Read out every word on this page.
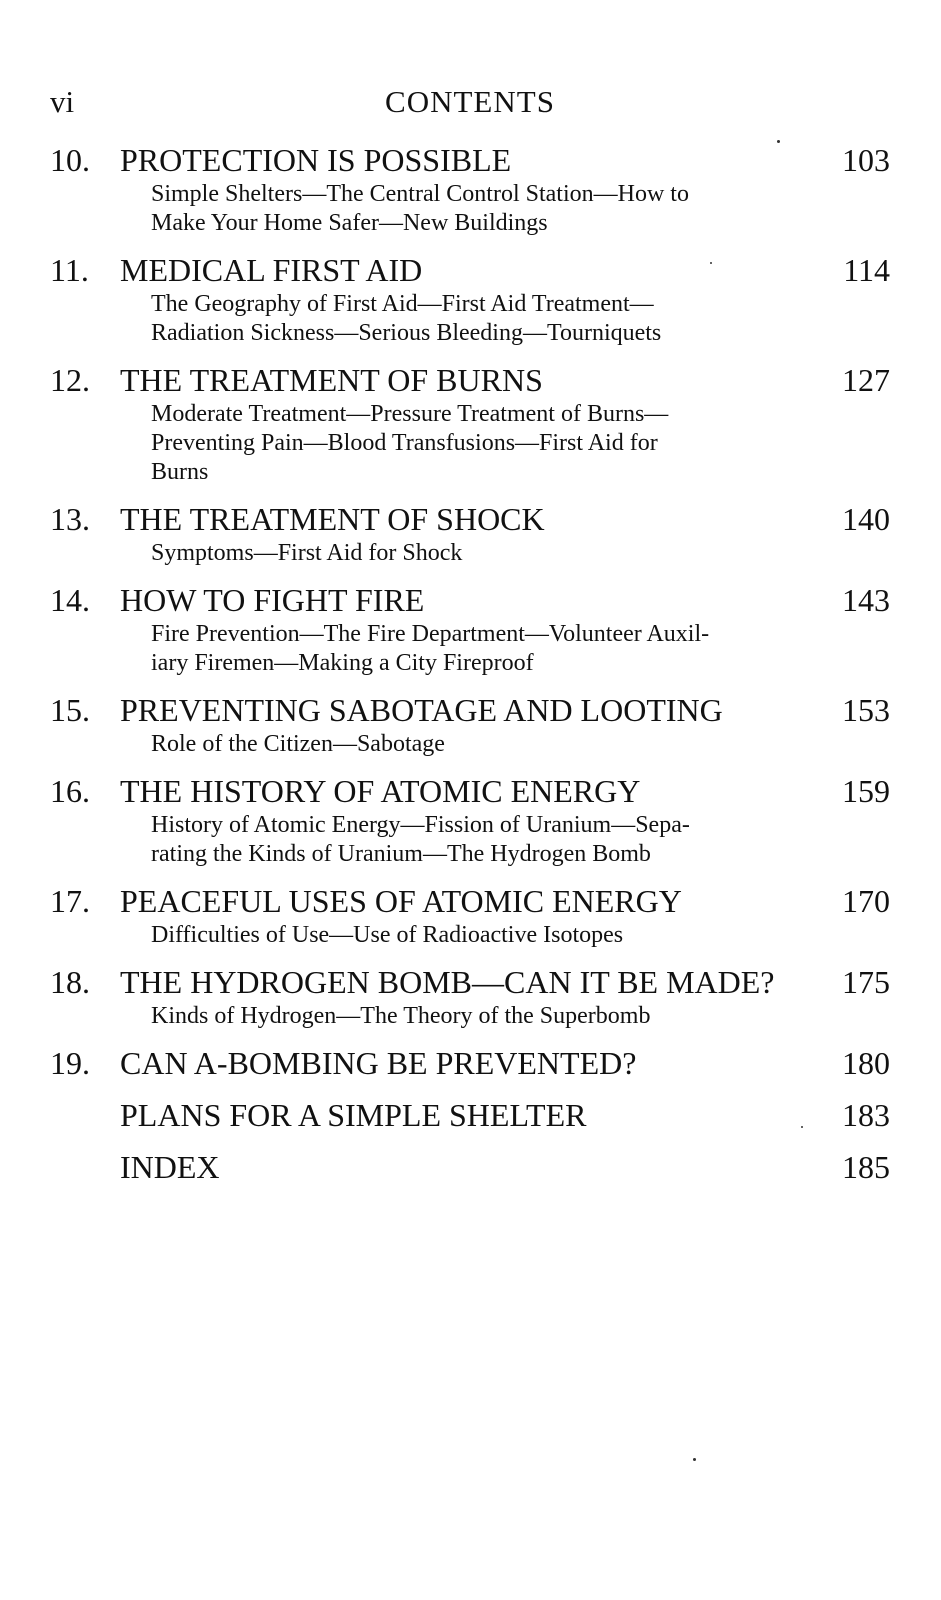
vi	CONTENTS
10. PROTECTION IS POSSIBLE	103
Simple Shelters—The Central Control Station—How to
Make Your Home Safer—New Buildings
11. MEDICAL FIRST AID	114
The Geography of First Aid—First Aid Treatment—
Radiation Sickness—Serious Bleeding—Tourniquets
12. THE TREATMENT OF BURNS	127
Moderate Treatment—Pressure Treatment of Burns—
Preventing Pain—Blood Transfusions—First Aid for
Burns
13. THE TREATMENT OF SHOCK	140
Symptoms—First Aid for Shock
14. HOW TO FIGHT FIRE	143
Fire Prevention—The Fire Department—Volunteer Auxil-
iary Firemen—Making a City Fireproof
15. PREVENTING SABOTAGE AND LOOTING	153
Role of the Citizen—Sabotage
16. THE HISTORY OF ATOMIC ENERGY	159
History of Atomic Energy—Fission of Uranium—Sepa-
rating the Kinds of Uranium—The Hydrogen Bomb
17. PEACEFUL USES OF ATOMIC ENERGY	170
Difficulties of Use—Use of Radioactive Isotopes
18. THE HYDROGEN BOMB—CAN IT BE MADE?	175
Kinds of Hydrogen—The Theory of the Superbomb
19. CAN A-BOMBING BE PREVENTED?	180
PLANS FOR A SIMPLE SHELTER	183
INDEX	185
